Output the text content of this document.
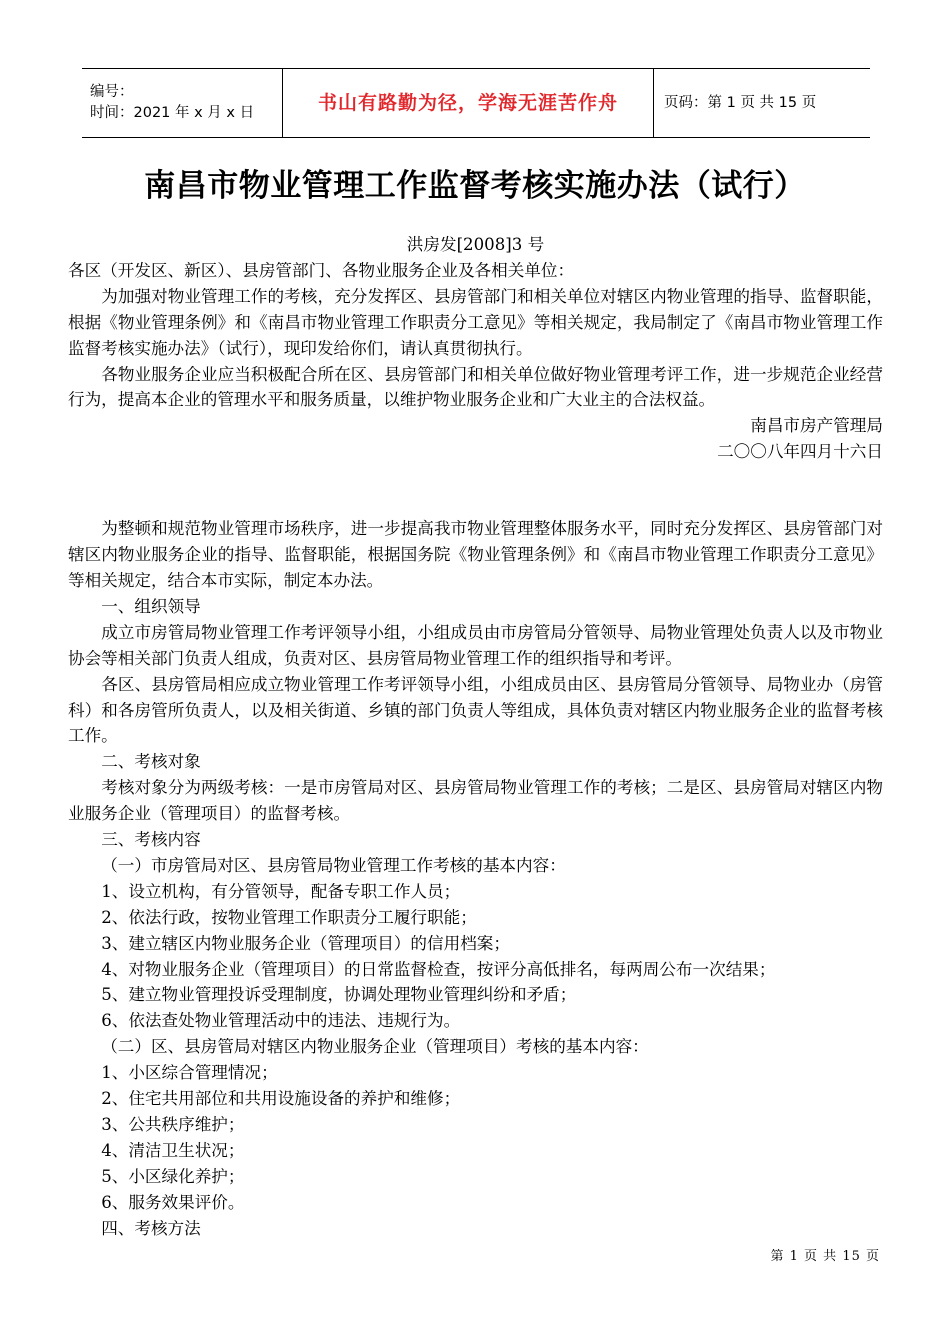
编号：
时间：2021 年 x 月 x 日	书山有路勤为径，学海无涯苦作舟	页码：第 1 页 共 15 页
南昌市物业管理工作监督考核实施办法（试行）

洪房发[2008]3 号

各区（开发区、新区）、县房管部门、各物业服务企业及各相关单位：

为加强对物业管理工作的考核，充分发挥区、县房管部门和相关单位对辖区内物业管理的指导、监督职能，根据《物业管理条例》和《南昌市物业管理工作职责分工意见》等相关规定，我局制定了《南昌市物业管理工作监督考核实施办法》（试行），现印发给你们，请认真贯彻执行。

各物业服务企业应当积极配合所在区、县房管部门和相关单位做好物业管理考评工作，进一步规范企业经营行为，提高本企业的管理水平和服务质量，以维护物业服务企业和广大业主的合法权益。

南昌市房产管理局

二〇〇八年四月十六日

为整顿和规范物业管理市场秩序，进一步提高我市物业管理整体服务水平，同时充分发挥区、县房管部门对辖区内物业服务企业的指导、监督职能，根据国务院《物业管理条例》和《南昌市物业管理工作职责分工意见》等相关规定，结合本市实际，制定本办法。

一、组织领导

成立市房管局物业管理工作考评领导小组，小组成员由市房管局分管领导、局物业管理处负责人以及市物业协会等相关部门负责人组成，负责对区、县房管局物业管理工作的组织指导和考评。

各区、县房管局相应成立物业管理工作考评领导小组，小组成员由区、县房管局分管领导、局物业办（房管科）和各房管所负责人，以及相关街道、乡镇的部门负责人等组成，具体负责对辖区内物业服务企业的监督考核工作。

二、考核对象

考核对象分为两级考核：一是市房管局对区、县房管局物业管理工作的考核；二是区、县房管局对辖区内物业服务企业（管理项目）的监督考核。

三、考核内容

（一）市房管局对区、县房管局物业管理工作考核的基本内容：

1、设立机构，有分管领导，配备专职工作人员；

2、依法行政，按物业管理工作职责分工履行职能；

3、建立辖区内物业服务企业（管理项目）的信用档案；

4、对物业服务企业（管理项目）的日常监督检查，按评分高低排名，每两周公布一次结果；

5、建立物业管理投诉受理制度，协调处理物业管理纠纷和矛盾；

6、依法查处物业管理活动中的违法、违规行为。

（二）区、县房管局对辖区内物业服务企业（管理项目）考核的基本内容：

1、小区综合管理情况；

2、住宅共用部位和共用设施设备的养护和维修；

3、公共秩序维护；

4、清洁卫生状况；

5、小区绿化养护；

6、服务效果评价。

四、考核方法

第 1 页 共 15 页
